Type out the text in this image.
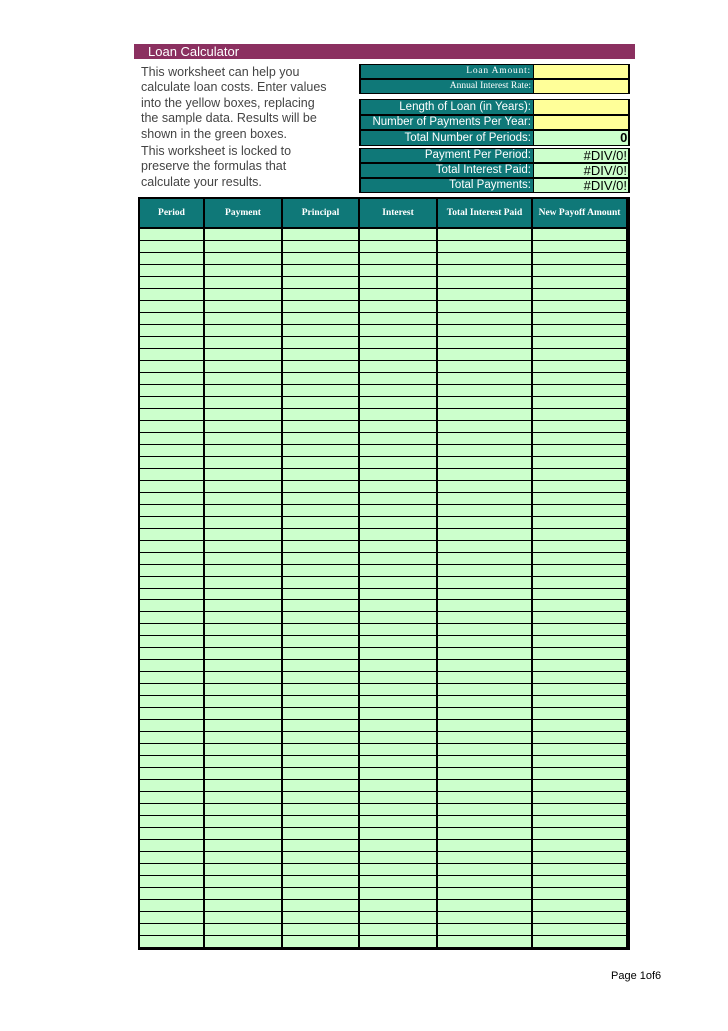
Loan Calculator
This worksheet can help you
calculate loan costs. Enter values
into the yellow boxes, replacing
the sample data. Results will be
shown in the green boxes.
This worksheet is locked to
preserve the formulas that
calculate your results.
Loan Amount:
Annual Interest Rate:
Length of Loan (in Years):
Number of Payments Per Year:
Total Number of Periods:	0
Payment Per Period:	#DIV/0!
Total Interest Paid:	#DIV/0!
Total Payments:	#DIV/0!
Period	Payment	Principal	Interest	Total Interest Paid	New Payoff Amount
Page 1of6
